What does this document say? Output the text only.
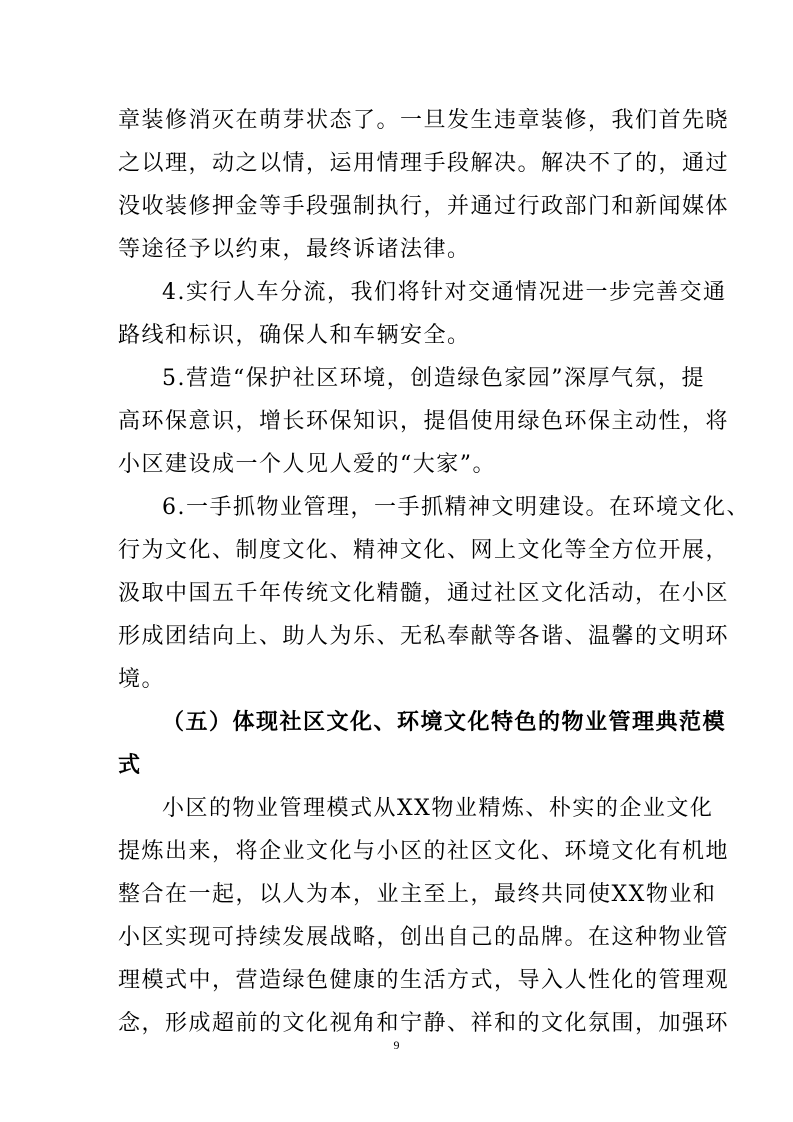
章装修消灭在萌芽状态了。一旦发生违章装修，我们首先晓
之以理，动之以情，运用情理手段解决。解决不了的，通过
没收装修押金等手段强制执行，并通过行政部门和新闻媒体
等途径予以约束，最终诉诸法律。
4.实行人车分流，我们将针对交通情况进一步完善交通
路线和标识，确保人和车辆安全。
5.营造“保护社区环境，创造绿色家园”深厚气氛，提
高环保意识，增长环保知识，提倡使用绿色环保主动性，将
小区建设成一个人见人爱的“大家”。
6.一手抓物业管理，一手抓精神文明建设。在环境文化、
行为文化、制度文化、精神文化、网上文化等全方位开展，
汲取中国五千年传统文化精髓，通过社区文化活动，在小区
形成团结向上、助人为乐、无私奉献等各谐、温馨的文明环
境。
（五）体现社区文化、环境文化特色的物业管理典范模
式
小区的物业管理模式从XX物业精炼、朴实的企业文化
提炼出来，将企业文化与小区的社区文化、环境文化有机地
整合在一起，以人为本，业主至上，最终共同使XX物业和
小区实现可持续发展战略，创出自己的品牌。在这种物业管
理模式中，营造绿色健康的生活方式，导入人性化的管理观
念，形成超前的文化视角和宁静、祥和的文化氛围，加强环
9
